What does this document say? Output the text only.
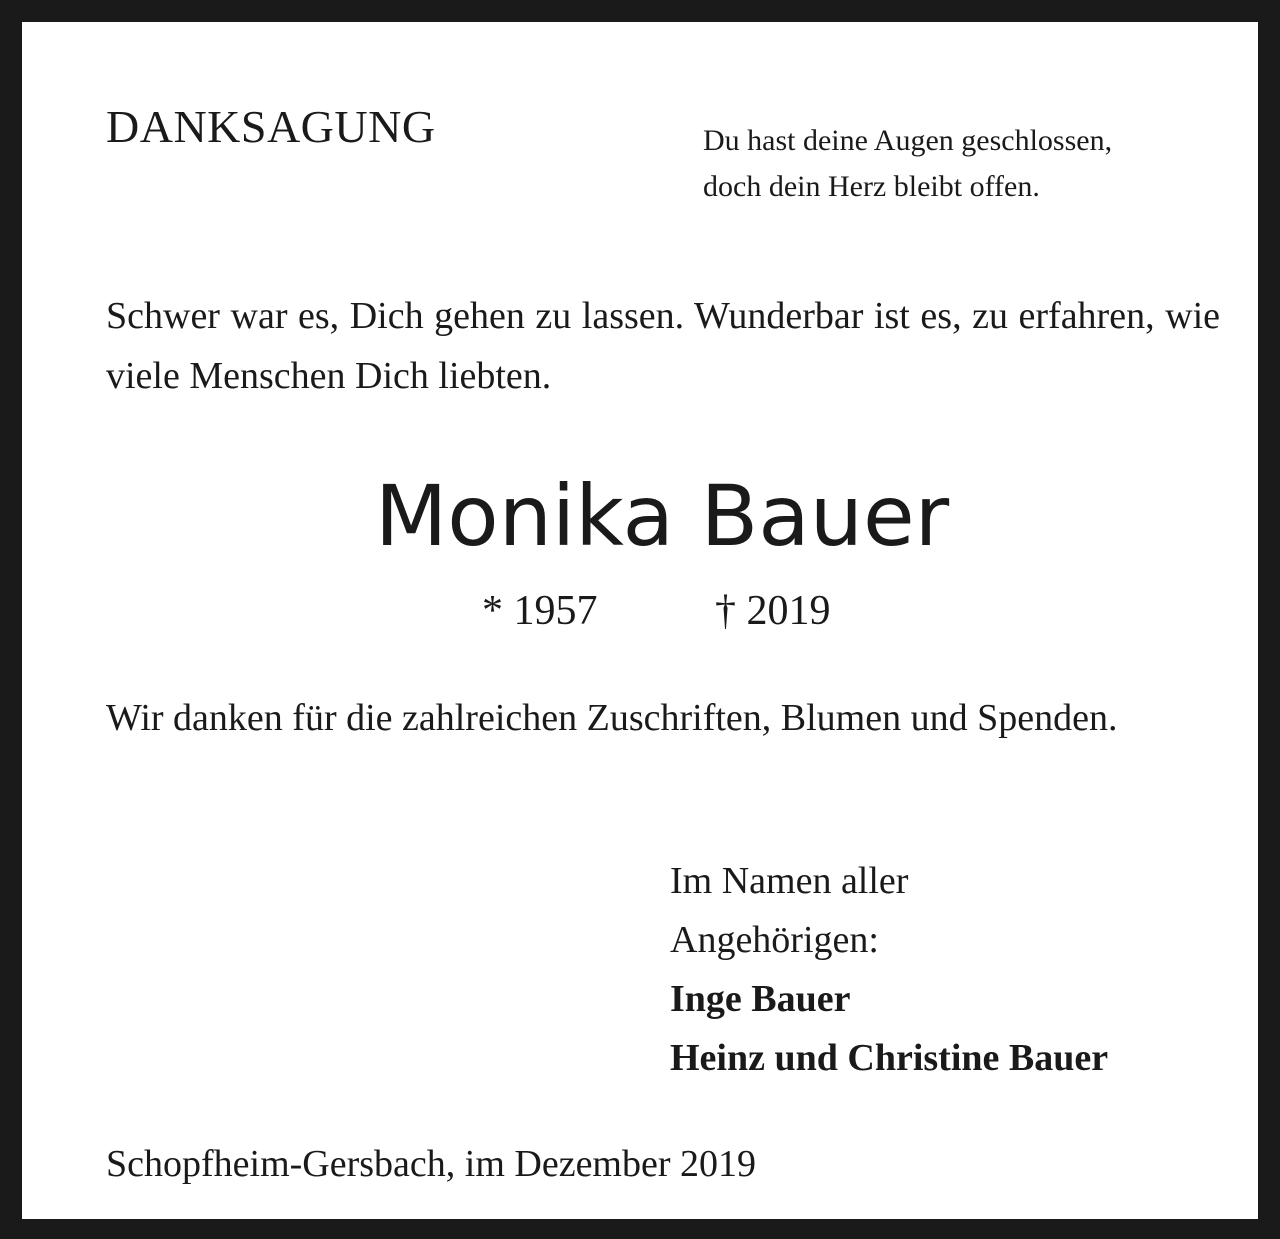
DANKSAGUNG	Du hast deine Augen geschlossen,
doch dein Herz bleibt offen.
Schwer war es, Dich gehen zu lassen. Wunderbar ist es, zu erfahren, wie viele Menschen Dich liebten.
Monika Bauer
* 1957	† 2019
Wir danken für die zahlreichen Zuschriften, Blumen und Spenden.
Im Namen aller
Angehörigen:
Inge Bauer
Heinz und Christine Bauer
Schopfheim-Gersbach, im Dezember 2019
